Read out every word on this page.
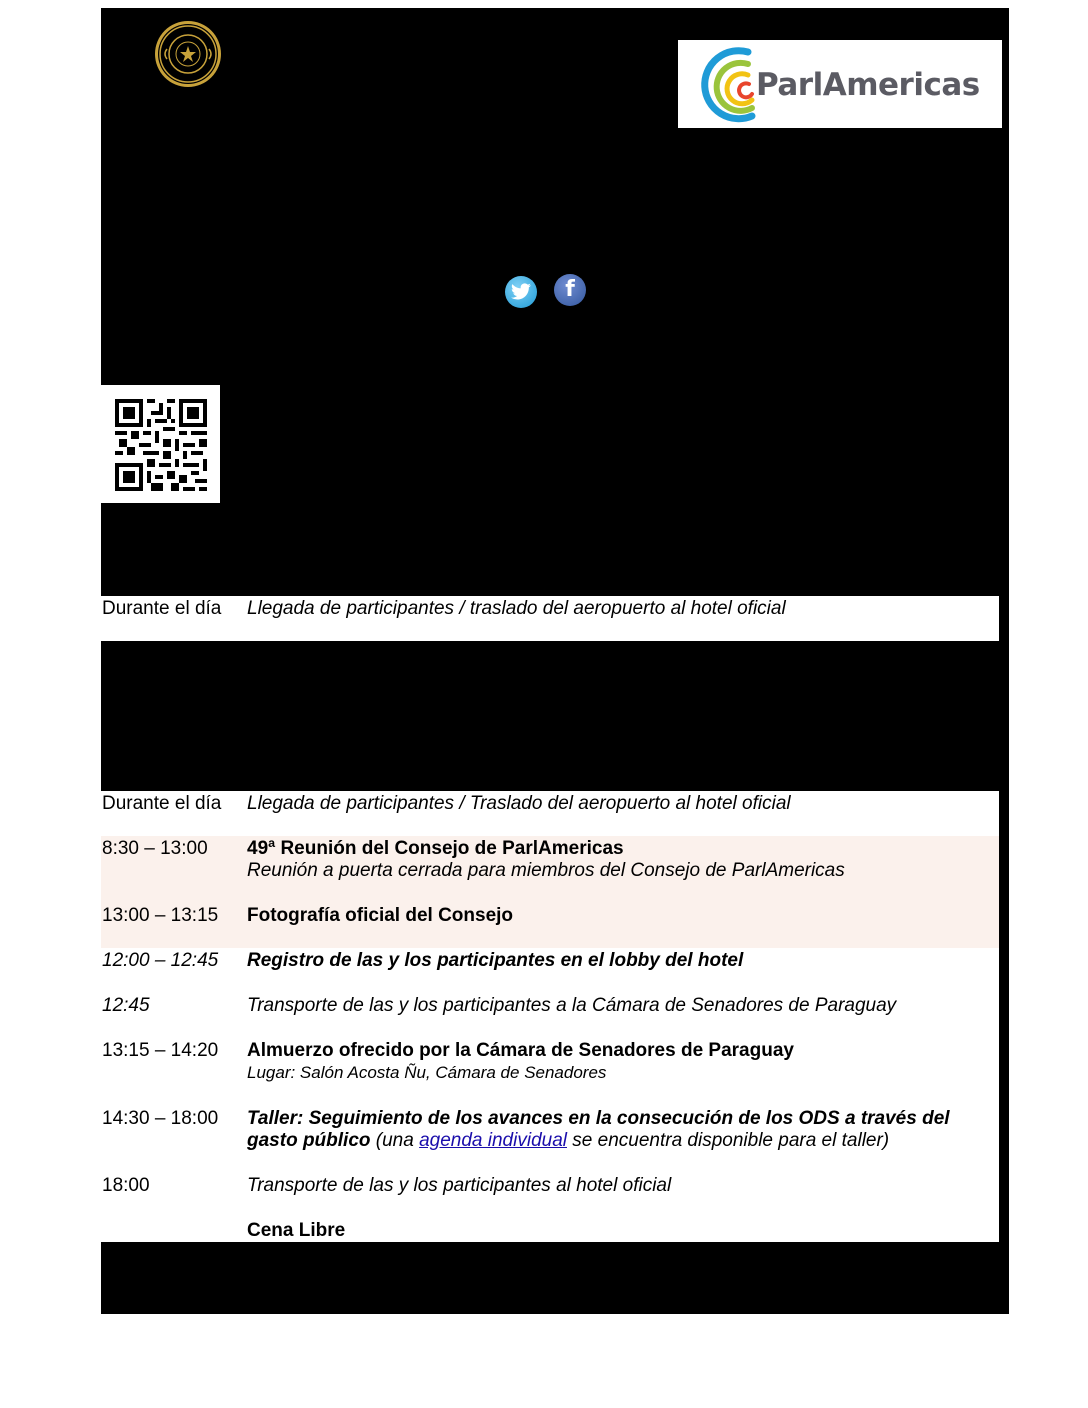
ParlAmericas
f
Durante el día Llegada de participantes / traslado del aeropuerto al hotel oficial
Durante el día Llegada de participantes / Traslado del aeropuerto al hotel oficial
8:30 – 13:00 49ª Reunión del Consejo de ParlAmericas
Reunión a puerta cerrada para miembros del Consejo de ParlAmericas
13:00 – 13:15 Fotografía oficial del Consejo
12:00 – 12:45 Registro de las y los participantes en el lobby del hotel
12:45	Transporte de las y los participantes a la Cámara de Senadores de Paraguay
13:15 – 14:20 Almuerzo ofrecido por la Cámara de Senadores de Paraguay
Lugar: Salón Acosta Ñu, Cámara de Senadores
14:30 – 18:00 Taller: Seguimiento de los avances en la consecución de los ODS a través del gasto público (una agenda individual se encuentra disponible para el taller)
18:00	Transporte de las y los participantes al hotel oficial
Cena Libre
